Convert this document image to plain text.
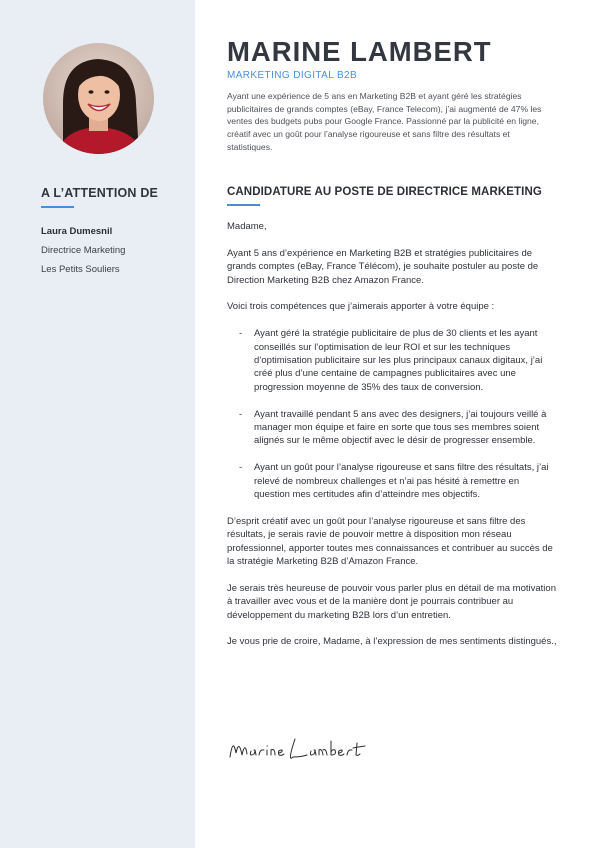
A L’ATTENTION DE
Laura Dumesnil
Directrice Marketing
Les Petits Souliers
MARINE LAMBERT
MARKETING DIGITAL B2B
Ayant une expérience de 5 ans en Marketing B2B et ayant géré les stratégies publicitaires de grands comptes (eBay, France Telecom), j’ai augmenté de 47% les ventes des budgets pubs pour Google France. Passionné par la publicité en ligne, créatif avec un goût pour l’analyse rigoureuse et sans filtre des résultats et statistiques.
CANDIDATURE AU POSTE DE DIRECTRICE MARKETING

Madame,

Ayant 5 ans d’expérience en Marketing B2B et stratégies publicitaires de grands comptes (eBay, France Télécom), je souhaite postuler au poste de Direction Marketing B2B chez Amazon France.

Voici trois compétences que j’aimerais apporter à votre équipe :

- Ayant géré la stratégie publicitaire de plus de 30 clients et les ayant conseillés sur l’optimisation de leur ROI et sur les techniques d’optimisation publicitaire sur les plus principaux canaux digitaux, j’ai créé plus d’une centaine de campagnes publicitaires avec une progression moyenne de 35% des taux de conversion.
- Ayant travaillé pendant 5 ans avec des designers, j’ai toujours veillé à manager mon équipe et faire en sorte que tous ses membres soient alignés sur le même objectif avec le désir de progresser ensemble.
- Ayant un goût pour l’analyse rigoureuse et sans filtre des résultats, j’ai relevé de nombreux challenges et n’ai pas hésité à remettre en question mes certitudes afin d’atteindre mes objectifs.

D’esprit créatif avec un goût pour l’analyse rigoureuse et sans filtre des résultats, je serais ravie de pouvoir mettre à disposition mon réseau professionnel, apporter toutes mes connaissances et contribuer au succès de la stratégie Marketing B2B d’Amazon France.

Je serais très heureuse de pouvoir vous parler plus en détail de ma motivation à travailler avec vous et de la manière dont je pourrais contribuer au développement du marketing B2B lors d’un entretien.

Je vous prie de croire, Madame, à l’expression de mes sentiments distingués.,
